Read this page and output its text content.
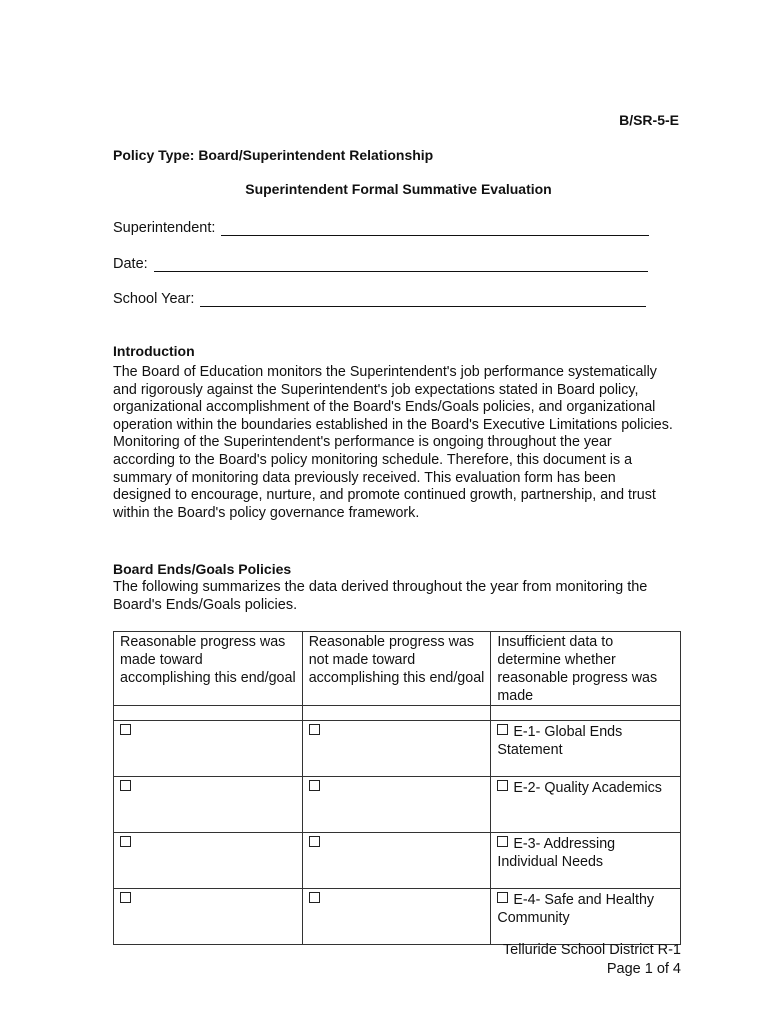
B/SR-5-E
Policy Type: Board/Superintendent Relationship
Superintendent Formal Summative Evaluation
Superintendent:
Date:
School Year:
Introduction
The Board of Education monitors the Superintendent's job performance systematically and rigorously against the Superintendent's job expectations stated in Board policy, organizational accomplishment of the Board's Ends/Goals policies, and organizational operation within the boundaries established in the Board's Executive Limitations policies. Monitoring of the Superintendent's performance is ongoing throughout the year according to the Board's policy monitoring schedule. Therefore, this document is a summary of monitoring data previously received. This evaluation form has been designed to encourage, nurture, and promote continued growth, partnership, and trust within the Board's policy governance framework.
Board Ends/Goals Policies
The following summarizes the data derived throughout the year from monitoring the Board's Ends/Goals policies.
Reasonable progress was made toward accomplishing this end/goal	Reasonable progress was not made toward accomplishing this end/goal	Insufficient data to determine whether reasonable progress was made

		E-1- Global Ends Statement
		E-2- Quality Academics
		E-3- Addressing Individual Needs
		E-4- Safe and Healthy Community
Telluride School District R-1
Page 1 of 4
